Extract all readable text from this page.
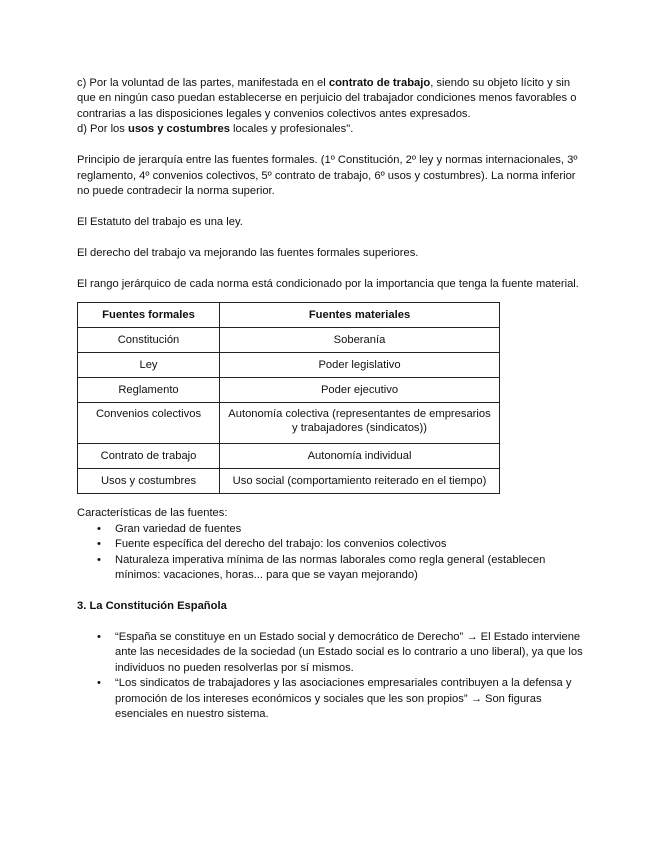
c) Por la voluntad de las partes, manifestada en el contrato de trabajo, siendo su objeto lícito y sin que en ningún caso puedan establecerse en perjuicio del trabajador condiciones menos favorables o contrarias a las disposiciones legales y convenios colectivos antes expresados.

d) Por los usos y costumbres locales y profesionales".

Principio de jerarquía entre las fuentes formales. (1º Constitución, 2º ley y normas internacionales, 3º reglamento, 4º convenios colectivos, 5º contrato de trabajo, 6º usos y costumbres). La norma inferior no puede contradecir la norma superior.

El Estatuto del trabajo es una ley.

El derecho del trabajo va mejorando las fuentes formales superiores.

El rango jerárquico de cada norma está condicionado por la importancia que tenga la fuente material.

Fuentes formales	Fuentes materiales
Constitución	Soberanía
Ley	Poder legislativo
Reglamento	Poder ejecutivo
Convenios colectivos	Autonomía colectiva (representantes de empresarios y trabajadores (sindicatos))
Contrato de trabajo	Autonomía individual
Usos y costumbres	Uso social (comportamiento reiterado en el tiempo)

Características de las fuentes:

• Gran variedad de fuentes
• Fuente específica del derecho del trabajo: los convenios colectivos
• Naturaleza imperativa mínima de las normas laborales como regla general (establecen mínimos: vacaciones, horas... para que se vayan mejorando)
3. La Constitución Española
• “España se constituye en un Estado social y democrático de Derecho” → El Estado interviene ante las necesidades de la sociedad (un Estado social es lo contrario a uno liberal), ya que los individuos no pueden resolverlas por sí mismos.
• “Los sindicatos de trabajadores y las asociaciones empresariales contribuyen a la defensa y promoción de los intereses económicos y sociales que les son propios” → Son figuras esenciales en nuestro sistema.
